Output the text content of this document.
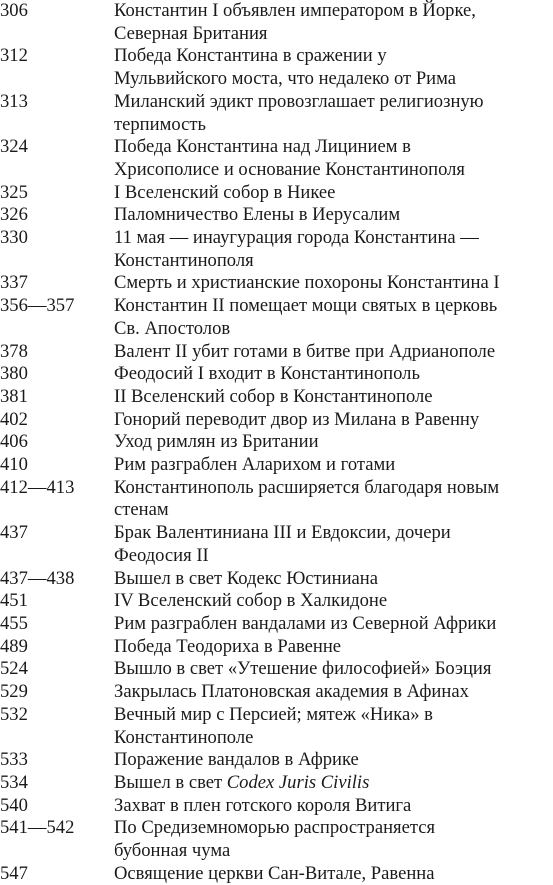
306	Константин I объявлен императором в Йорке,
Северная Британия
312	Победа Константина в сражении у
Мульвийского моста, что недалеко от Рима
313	Миланский эдикт провозглашает религиозную
терпимость
324	Победа Константина над Лицинием в
Хрисополисе и основание Константинополя
325	I Вселенский собор в Никее
326	Паломничество Елены в Иерусалим
330	11 мая — инаугурация города Константина —
Константинополя
337	Смерть и христианские похороны Константина I
356—357	Константин II помещает мощи святых в церковь
Св. Апостолов
378	Валент II убит готами в битве при Адрианополе
380	Феодосий I входит в Константинополь
381	II Вселенский собор в Константинополе
402	Гонорий переводит двор из Милана в Равенну
406	Уход римлян из Британии
410	Рим разграблен Аларихом и готами
412—413	Константинополь расширяется благодаря новым
стенам
437	Брак Валентиниана III и Евдоксии, дочери
Феодосия II
437—438	Вышел в свет Кодекс Юстиниана
451	IV Вселенский собор в Халкидоне
455	Рим разграблен вандалами из Северной Африки
489	Победа Теодориха в Равенне
524	Вышло в свет «Утешение философией» Боэция
529	Закрылась Платоновская академия в Афинах
532	Вечный мир с Персией; мятеж «Ника» в
Константинополе
533	Поражение вандалов в Африке
534	Вышел в свет Codex Juris Civilis
540	Захват в плен готского короля Витига
541—542	По Средиземноморью распространяется
бубонная чума
547	Освящение церкви Сан-Витале, Равенна
